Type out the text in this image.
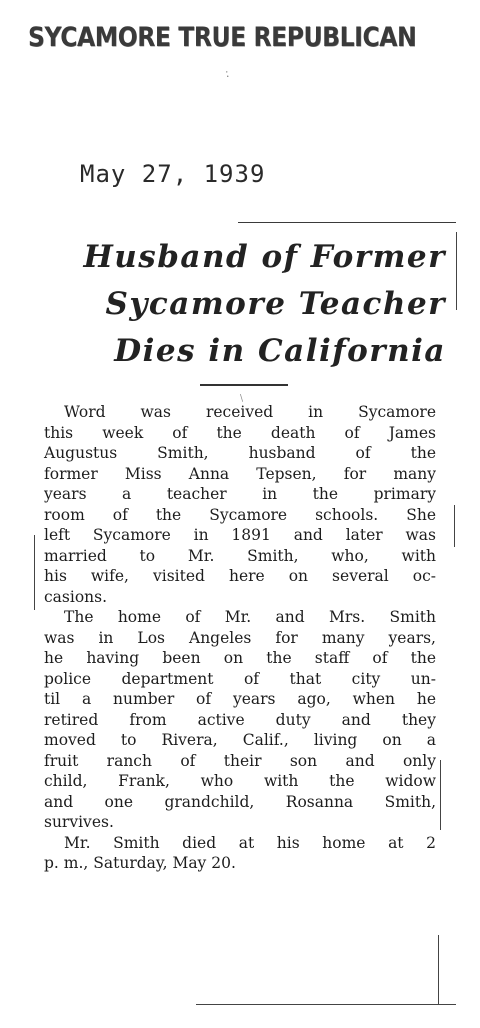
SYCAMORE TRUE REPUBLICAN
·̇
May 27, 1939
Husband of Former
Sycamore Teacher
Dies in California
\
Word was received in Sycamore
this week of the death of James
Augustus Smith, husband of the
former Miss Anna Tepsen, for many
years a teacher in the primary
room of the Sycamore schools. She
left Sycamore in 1891 and later was
married to Mr. Smith, who, with
his wife, visited here on several oc-
casions.
The home of Mr. and Mrs. Smith
was in Los Angeles for many years,
he having been on the staff of the
police department of that city un-
til a number of years ago, when he
retired from active duty and they
moved to Rivera, Calif., living on a
fruit ranch of their son and only
child, Frank, who with the widow
and one grandchild, Rosanna Smith,
survives.
Mr. Smith died at his home at 2
p. m., Saturday, May 20.
